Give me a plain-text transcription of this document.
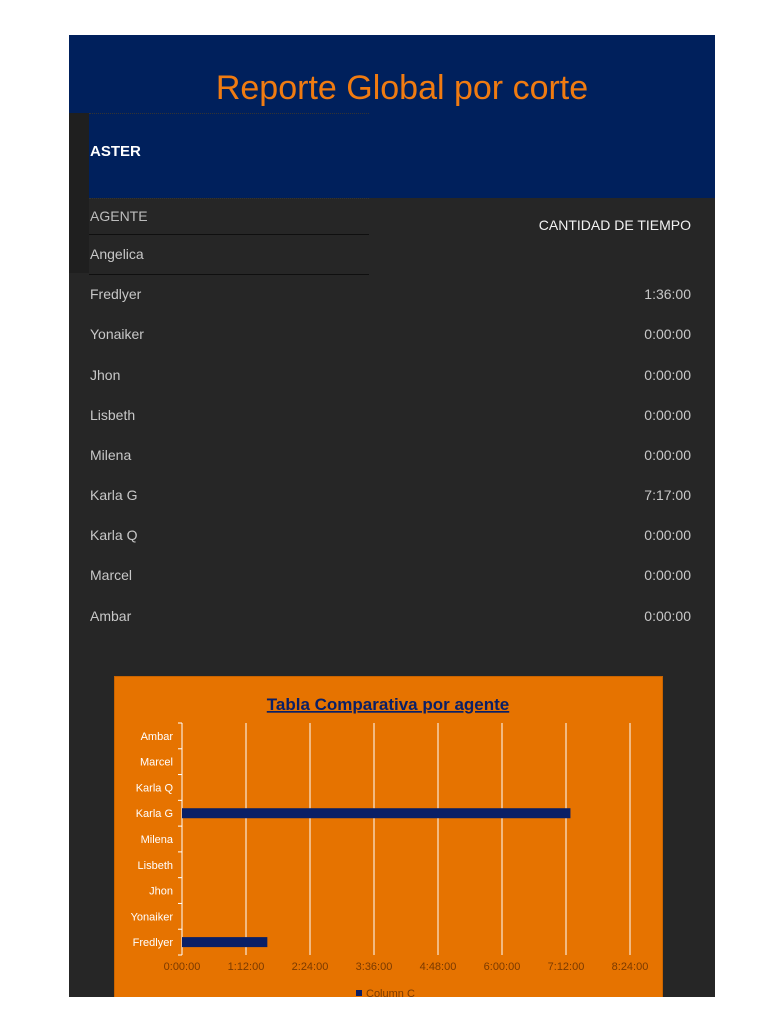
Reporte Global por corte
ASTER
AGENTE
CANTIDAD DE TIEMPO
Angelica
Fredlyer	1:36:00
Yonaiker	0:00:00
Jhon	0:00:00
Lisbeth	0:00:00
Milena	0:00:00
Karla G	7:17:00
Karla Q	0:00:00
Marcel	0:00:00
Ambar	0:00:00
Tabla Comparativa por agente
0:00:00 1:12:00 2:24:00 3:36:00 4:48:00 6:00:00 7:12:00 8:24:00
Fredlyer
Yonaiker
Jhon
Lisbeth
Milena
Karla G
Karla Q
Marcel
Ambar
Column C
